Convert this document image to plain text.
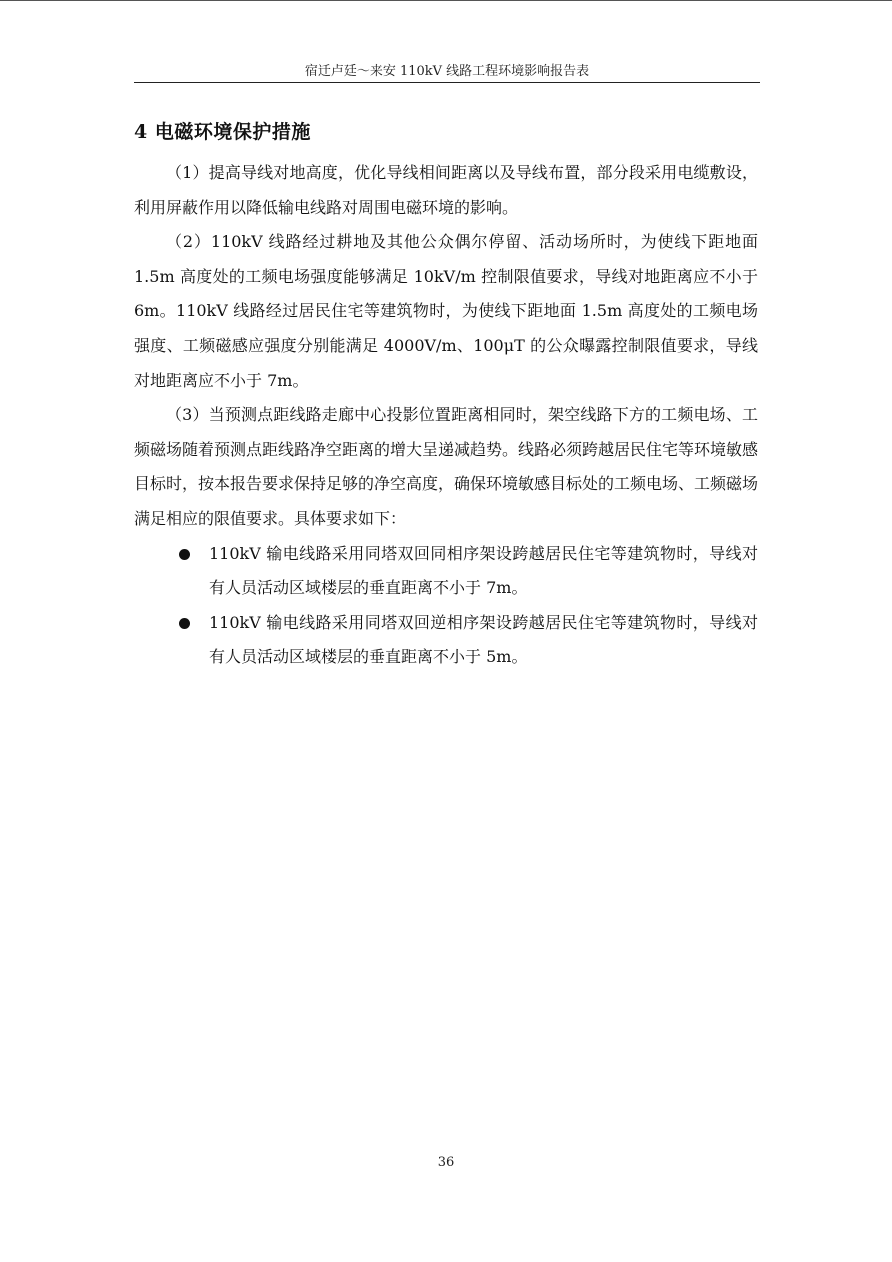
宿迁卢廷～来安 110kV 线路工程环境影响报告表
4 电磁环境保护措施

（1）提高导线对地高度，优化导线相间距离以及导线布置，部分段采用电缆敷设，利用屏蔽作用以降低输电线路对周围电磁环境的影响。

（2）110kV 线路经过耕地及其他公众偶尔停留、活动场所时，为使线下距地面 1.5m 高度处的工频电场强度能够满足 10kV/m 控制限值要求，导线对地距离应不小于 6m。110kV 线路经过居民住宅等建筑物时，为使线下距地面 1.5m 高度处的工频电场强度、工频磁感应强度分别能满足 4000V/m、100μT 的公众曝露控制限值要求，导线对地距离应不小于 7m。

（3）当预测点距线路走廊中心投影位置距离相同时，架空线路下方的工频电场、工频磁场随着预测点距线路净空距离的增大呈递减趋势。线路必须跨越居民住宅等环境敏感目标时，按本报告要求保持足够的净空高度，确保环境敏感目标处的工频电场、工频磁场满足相应的限值要求。具体要求如下：

110kV 输电线路采用同塔双回同相序架设跨越居民住宅等建筑物时，导线对有人员活动区域楼层的垂直距离不小于 7m。
110kV 输电线路采用同塔双回逆相序架设跨越居民住宅等建筑物时，导线对有人员活动区域楼层的垂直距离不小于 5m。
36
